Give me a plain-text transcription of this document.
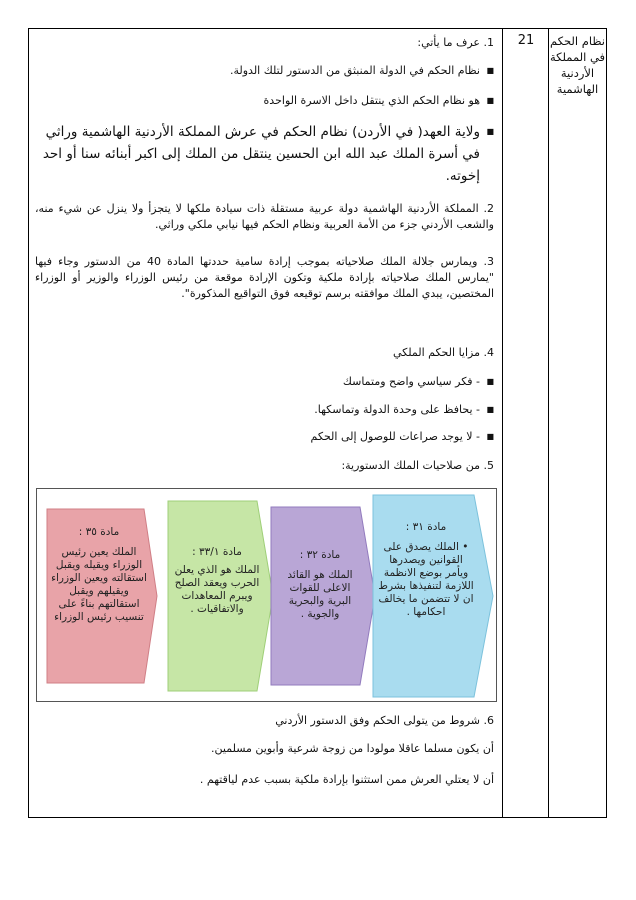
نظام الحكم في المملكة الأردنية الهاشمية
21
1. عرف ما يأتي:
■ نظام الحكم في الدولة المنبثق من الدستور لتلك الدولة.
■ هو نظام الحكم الذي ينتقل داخل الاسرة الواحدة
■ ولاية العهد( في الأردن) نظام الحكم في عرش المملكة الأردنية الهاشمية وراثي في أسرة الملك عبد الله ابن الحسين ينتقل من الملك إلى اكبر أبنائه سنا أو احد إخوته.
2. المملكة الأردنية الهاشمية دولة عربية مستقلة ذات سيادة ملكها لا يتجزأ ولا ينزل عن شيء منه، والشعب الأردني جزء من الأمة العربية ونظام الحكم فيها نيابي ملكي وراثي.
3. ويمارس جلالة الملك صلاحياته بموجب إرادة سامية حددتها المادة 40 من الدستور وجاء فيها "يمارس الملك صلاحياته بإرادة ملكية وتكون الإرادة موقعة من رئيس الوزراء والوزير أو الوزراء المختصين، يبدي الملك موافقته برسم توقيعه فوق التواقيع المذكورة".
4. مزايا الحكم الملكي
■ - فكر سياسي واضح ومتماسك
■ - يحافظ على وحدة الدولة وتماسكها.
■ - لا يوجد صراعات للوصول إلى الحكم
5. من صلاحيات الملك الدستورية:
مادة ٣٥ :
الملك يعين رئيس الوزراء ويقيله ويقبل استقالته ويعين الوزراء ويقيلهم ويقبل استقالتهم بناءً على تنسيب رئيس الوزراء
مادة ٣٣/١ :
الملك هو الذي يعلن الحرب ويعقد الصلح ويبرم المعاهدات والاتفاقيات .
مادة ٣٢ :
الملك هو القائد الاعلى للقوات البرية والبحرية والجوية .
مادة ٣١ :
• الملك يصدق على القوانين ويصدرها ويأمر بوضع الانظمة اللازمة لتنفيذها بشرط ان لا تتضمن ما يخالف احكامها .
6. شروط من يتولى الحكم وفق الدستور الأردني
أن يكون مسلما عاقلا مولودا من زوجة شرعية وأبوين مسلمين.
أن لا يعتلي العرش ممن استثنوا بإرادة ملكية بسبب عدم لياقتهم .
